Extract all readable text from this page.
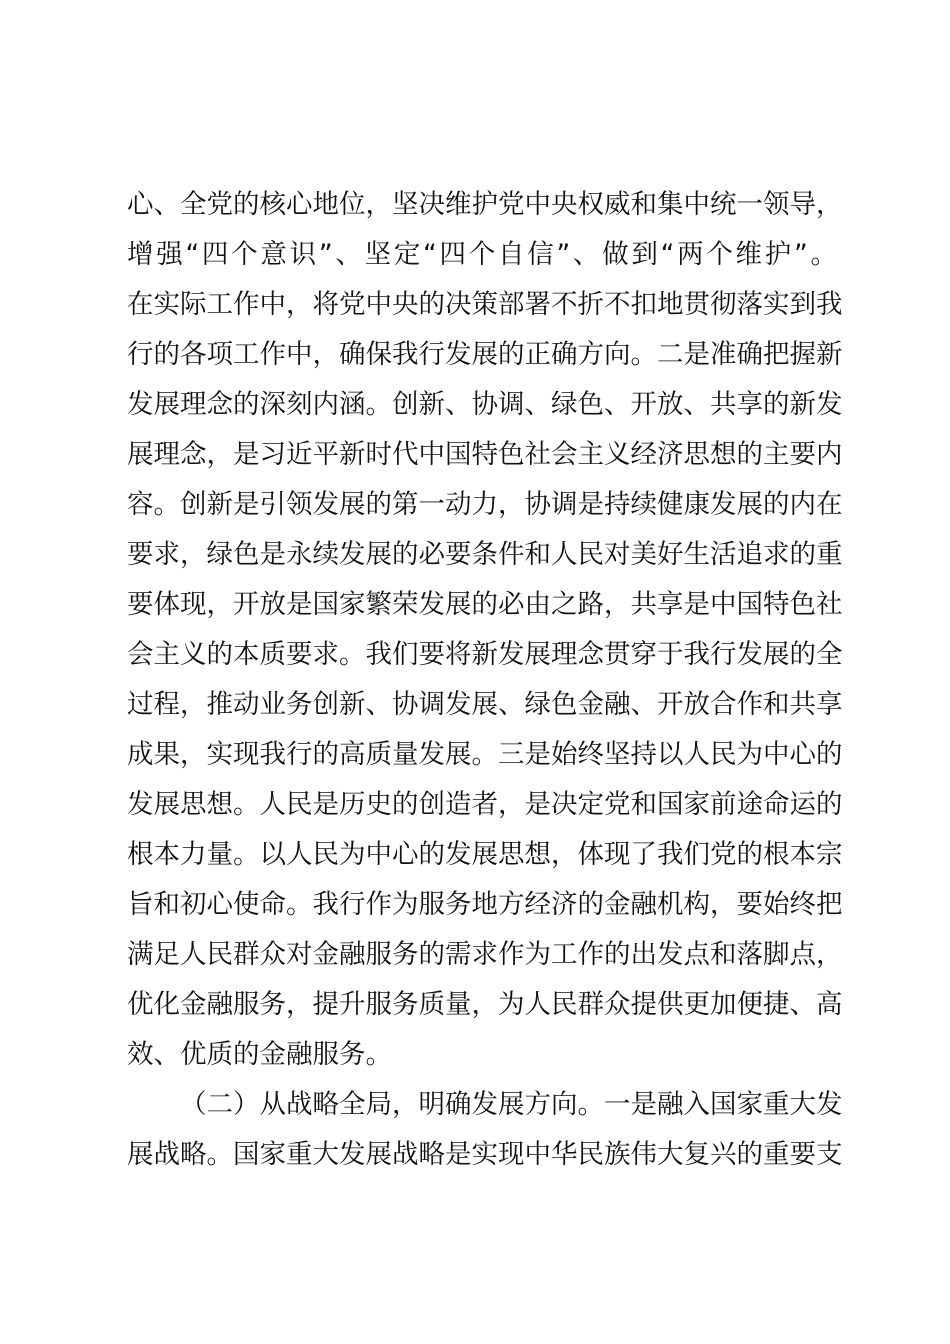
心、全党的核心地位，坚决维护党中央权威和集中统一领导，
增强“四个意识”、坚定“四个自信”、做到“两个维护”。
在实际工作中，将党中央的决策部署不折不扣地贯彻落实到我
行的各项工作中，确保我行发展的正确方向。二是准确把握新
发展理念的深刻内涵。创新、协调、绿色、开放、共享的新发
展理念，是习近平新时代中国特色社会主义经济思想的主要内
容。创新是引领发展的第一动力，协调是持续健康发展的内在
要求，绿色是永续发展的必要条件和人民对美好生活追求的重
要体现，开放是国家繁荣发展的必由之路，共享是中国特色社
会主义的本质要求。我们要将新发展理念贯穿于我行发展的全
过程，推动业务创新、协调发展、绿色金融、开放合作和共享
成果，实现我行的高质量发展。三是始终坚持以人民为中心的
发展思想。人民是历史的创造者，是决定党和国家前途命运的
根本力量。以人民为中心的发展思想，体现了我们党的根本宗
旨和初心使命。我行作为服务地方经济的金融机构，要始终把
满足人民群众对金融服务的需求作为工作的出发点和落脚点，
优化金融服务，提升服务质量，为人民群众提供更加便捷、高
效、优质的金融服务。
（二）从战略全局，明确发展方向。一是融入国家重大发
展战略。国家重大发展战略是实现中华民族伟大复兴的重要支
